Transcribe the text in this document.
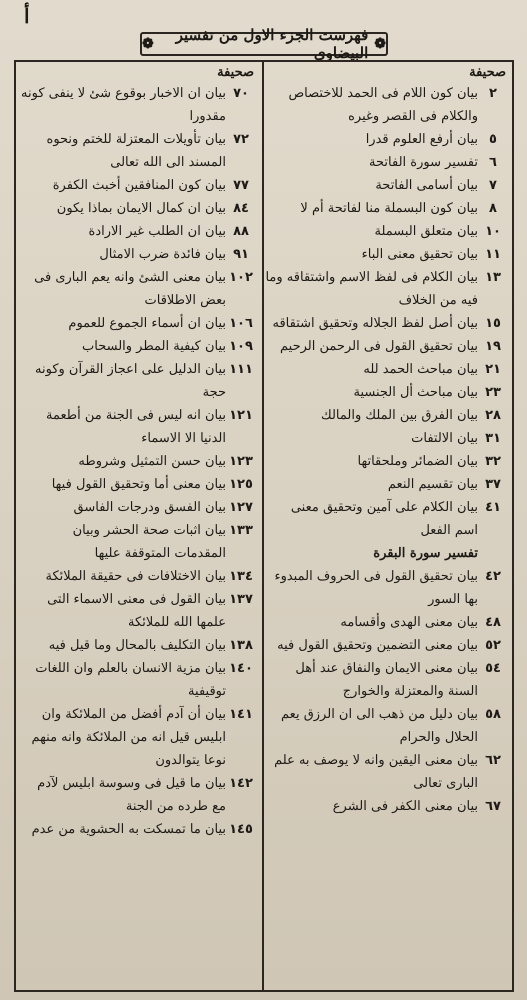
أ
❁
فهرست الجزء الاول من تفسير البيضاوى
❁
صحيفة
٢
بيان كون اللام فى الحمد للاختصاص والكلام فى القصر وغيره
٥
بيان أرفع العلوم قدرا
٦
تفسير سورة الفاتحة
٧
بيان أسامى الفاتحة
٨
بيان كون البسملة منا لفاتحة أم لا
١٠
بيان متعلق البسملة
١١
بيان تحقيق معنى الباء
١٣
بيان الكلام فى لفظ الاسم واشتقاقه وما فيه من الخلاف
١٥
بيان أصل لفظ الجلاله وتحقيق اشتقاقه
١٩
بيان تحقيق القول فى الرحمن الرحيم
٢١
بيان مباحث الحمد لله
٢٣
بيان مباحث أل الجنسية
٢٨
بيان الفرق بين الملك والمالك
٣١
بيان الالتفات
٣٢
بيان الضمائر وملحقاتها
٣٧
بيان تقسيم النعم
٤١
بيان الكلام على آمين وتحقيق معنى اسم الفعل
تفسير سورة البقرة
٤٢
بيان تحقيق القول فى الحروف المبدوء بها السور
٤٨
بيان معنى الهدى وأقسامه
٥٢
بيان معنى التضمين وتحقيق القول فيه
٥٤
بيان معنى الايمان والنفاق عند أهل السنة والمعتزلة والخوارج
٥٨
بيان دليل من ذهب الى ان الرزق يعم الحلال والحرام
٦٢
بيان معنى اليقين وانه لا يوصف به علم البارى تعالى
٦٧
بيان معنى الكفر فى الشرع
صحيفة
٧٠
بيان ان الاخبار بوقوع شئ لا ينفى كونه مقدورا
٧٢
بيان تأويلات المعتزلة للختم ونحوه المسند الى الله تعالى
٧٧
بيان كون المنافقين أخبث الكفرة
٨٤
بيان ان كمال الايمان بماذا يكون
٨٨
بيان ان الطلب غير الارادة
٩١
بيان فائدة ضرب الامثال
١٠٢
بيان معنى الشئ وانه يعم البارى فى بعض الاطلاقات
١٠٦
بيان ان أسماء الجموع للعموم
١٠٩
بيان كيفية المطر والسحاب
١١١
بيان الدليل على اعجاز القرآن وكونه حجة
١٢١
بيان انه ليس فى الجنة من أطعمة الدنيا الا الاسماء
١٢٣
بيان حسن التمثيل وشروطه
١٢٥
بيان معنى أما وتحقيق القول فيها
١٢٧
بيان الفسق ودرجات الفاسق
١٣٣
بيان اثبات صحة الحشر وبيان المقدمات المتوقفة عليها
١٣٤
بيان الاختلافات فى حقيقة الملائكة
١٣٧
بيان القول فى معنى الاسماء التى علمها الله للملائكة
١٣٨
بيان التكليف بالمحال وما قيل فيه
١٤٠
بيان مزية الانسان بالعلم وان اللغات توقيفية
١٤١
بيان أن آدم أفضل من الملائكة وان ابليس قيل انه من الملائكة وانه منهم نوعا يتوالدون
١٤٢
بيان ما قيل فى وسوسة ابليس لآدم مع طرده من الجنة
١٤٥
بيان ما تمسكت به الحشوية من عدم
